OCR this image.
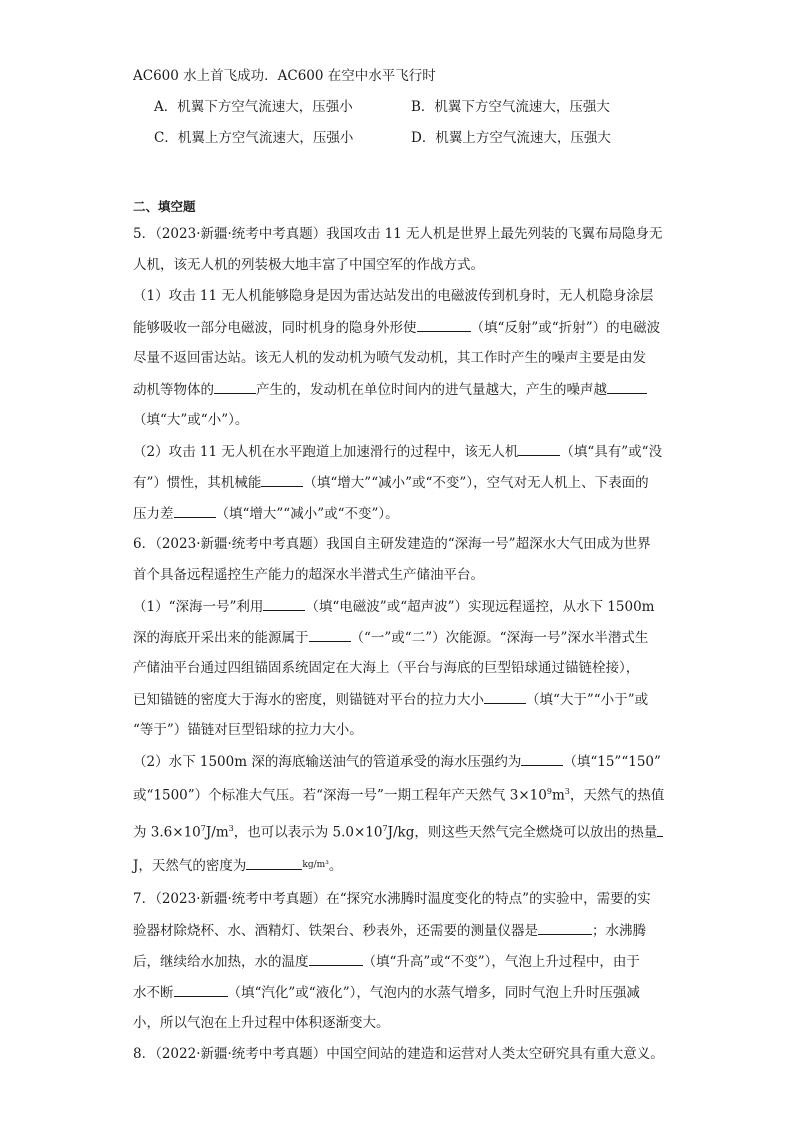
AC600 水上首飞成功．AC600 在空中水平飞行时
A．机翼下方空气流速大，压强小	B．机翼下方空气流速大，压强大
C．机翼上方空气流速大，压强小	D．机翼上方空气流速大，压强大
二、填空题
5．（2023·新疆·统考中考真题）我国攻击 11 无人机是世界上最先列装的飞翼布局隐身无
人机，该无人机的列装极大地丰富了中国空军的作战方式。
（1）攻击 11 无人机能够隐身是因为雷达站发出的电磁波传到机身时，无人机隐身涂层
能够吸收一部分电磁波，同时机身的隐身外形使	（填“反射”或“折射”）的电磁波
尽量不返回雷达站。该无人机的发动机为喷气发动机，其工作时产生的噪声主要是由发
动机等物体的	产生的，发动机在单位时间内的进气量越大，产生的噪声越
（填“大”或“小”）。
（2）攻击 11 无人机在水平跑道上加速滑行的过程中，该无人机	（填“具有”或“没
有”）惯性，其机械能	（填“增大”“减小”或“不变”），空气对无人机上、下表面的
压力差	（填“增大”“减小”或“不变”）。
6．（2023·新疆·统考中考真题）我国自主研发建造的“深海一号”超深水大气田成为世界
首个具备远程遥控生产能力的超深水半潜式生产储油平台。
（1）“深海一号”利用	（填“电磁波”或“超声波”）实现远程遥控，从水下 1500m
深的海底开采出来的能源属于	（“一”或“二”）次能源。“深海一号”深水半潜式生
产储油平台通过四组锚固系统固定在大海上（平台与海底的巨型铅球通过锚链栓接），
已知锚链的密度大于海水的密度，则锚链对平台的拉力大小	（填“大于”“小于”或
“等于”）锚链对巨型铅球的拉力大小。
（2）水下 1500m 深的海底输送油气的管道承受的海水压强约为	（填“15”“150”
或“1500”）个标准大气压。若“深海一号”一期工程年产天然气 $3\times 10^9m^3$，天然气的热值
为 $3.6\times 10^7J/m^3$，也可以表示为 $5.0\times 10^7J/kg$，则这些天然气完全燃烧可以放出的热量
J，天然气的密度为	$^{kg/m^3}$。
7．（2023·新疆·统考中考真题）在“探究水沸腾时温度变化的特点”的实验中，需要的实
验器材除烧杯、水、酒精灯、铁架台、秒表外，还需要的测量仪器是	；水沸腾
后，继续给水加热，水的温度	（填“升高”或“不变”），气泡上升过程中，由于
水不断	（填“汽化”或“液化”），气泡内的水蒸气增多，同时气泡上升时压强减
小，所以气泡在上升过程中体积逐渐变大。
8．（2022·新疆·统考中考真题）中国空间站的建造和运营对人类太空研究具有重大意义。
